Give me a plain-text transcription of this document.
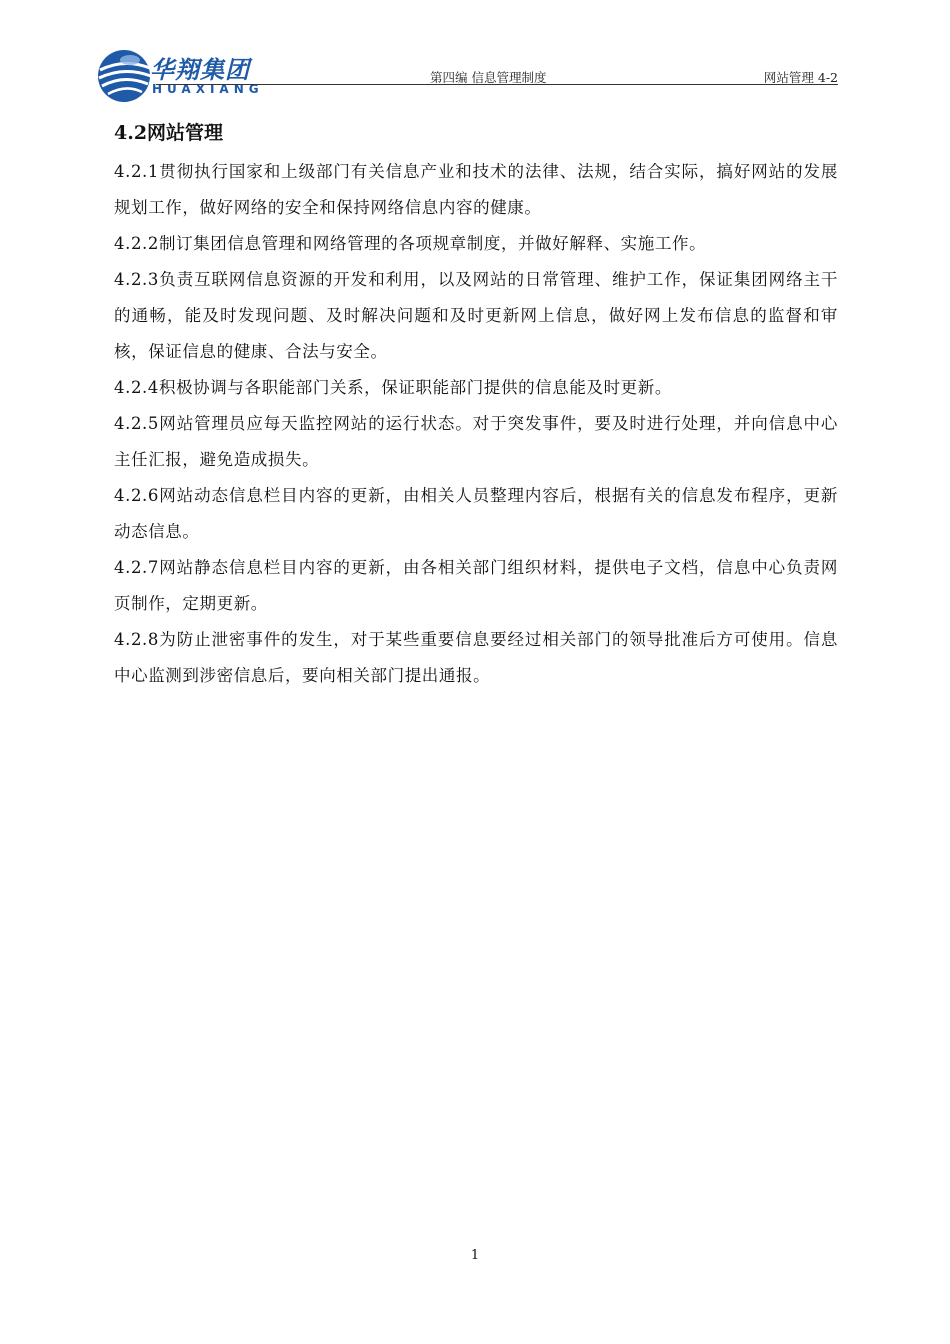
华翔集团
HUAXIANG
第四编 信息管理制度	网站管理 4-2
4.2网站管理

4.2.1贯彻执行国家和上级部门有关信息产业和技术的法律、法规，结合实际，搞好网站的发展规划工作，做好网络的安全和保持网络信息内容的健康。

4.2.2制订集团信息管理和网络管理的各项规章制度，并做好解释、实施工作。

4.2.3负责互联网信息资源的开发和利用，以及网站的日常管理、维护工作，保证集团网络主干的通畅，能及时发现问题、及时解决问题和及时更新网上信息，做好网上发布信息的监督和审核，保证信息的健康、合法与安全。

4.2.4积极协调与各职能部门关系，保证职能部门提供的信息能及时更新。

4.2.5网站管理员应每天监控网站的运行状态。对于突发事件，要及时进行处理，并向信息中心主任汇报，避免造成损失。

4.2.6网站动态信息栏目内容的更新，由相关人员整理内容后，根据有关的信息发布程序，更新动态信息。

4.2.7网站静态信息栏目内容的更新，由各相关部门组织材料，提供电子文档，信息中心负责网页制作，定期更新。

4.2.8为防止泄密事件的发生，对于某些重要信息要经过相关部门的领导批准后方可使用。信息中心监测到涉密信息后，要向相关部门提出通报。

1
